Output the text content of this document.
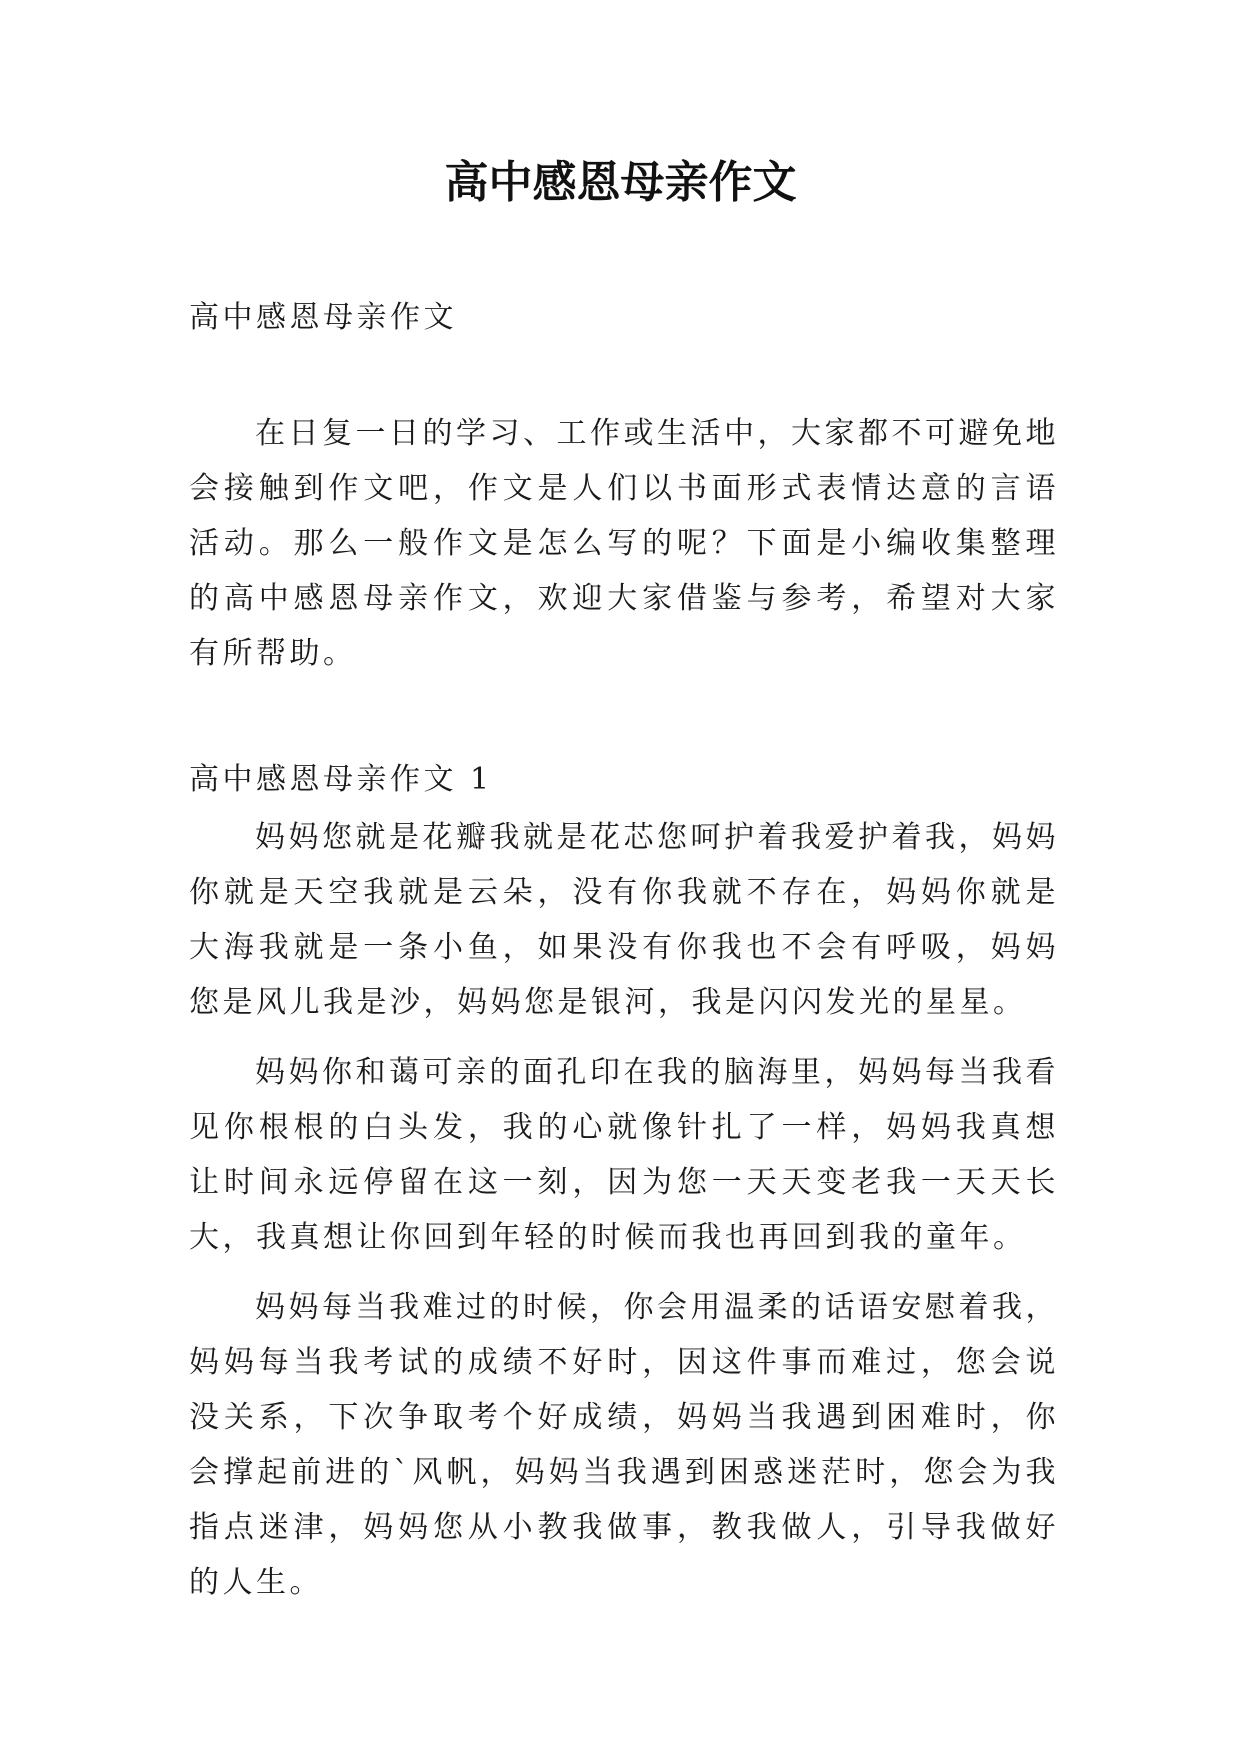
高中感恩母亲作文

高中感恩母亲作文

在日复一日的学习、工作或生活中，大家都不可避免地会接触到作文吧，作文是人们以书面形式表情达意的言语活动。那么一般作文是怎么写的呢？下面是小编收集整理的高中感恩母亲作文，欢迎大家借鉴与参考，希望对大家有所帮助。

高中感恩母亲作文 1

妈妈您就是花瓣我就是花芯您呵护着我爱护着我，妈妈你就是天空我就是云朵，没有你我就不存在，妈妈你就是大海我就是一条小鱼，如果没有你我也不会有呼吸，妈妈您是风儿我是沙，妈妈您是银河，我是闪闪发光的星星。

妈妈你和蔼可亲的面孔印在我的脑海里，妈妈每当我看见你根根的白头发，我的心就像针扎了一样，妈妈我真想让时间永远停留在这一刻，因为您一天天变老我一天天长大，我真想让你回到年轻的时候而我也再回到我的童年。

妈妈每当我难过的时候，你会用温柔的话语安慰着我，妈妈每当我考试的成绩不好时，因这件事而难过，您会说没关系，下次争取考个好成绩，妈妈当我遇到困难时，你会撑起前进的`风帆，妈妈当我遇到困惑迷茫时，您会为我指点迷津，妈妈您从小教我做事，教我做人，引导我做好的人生。
